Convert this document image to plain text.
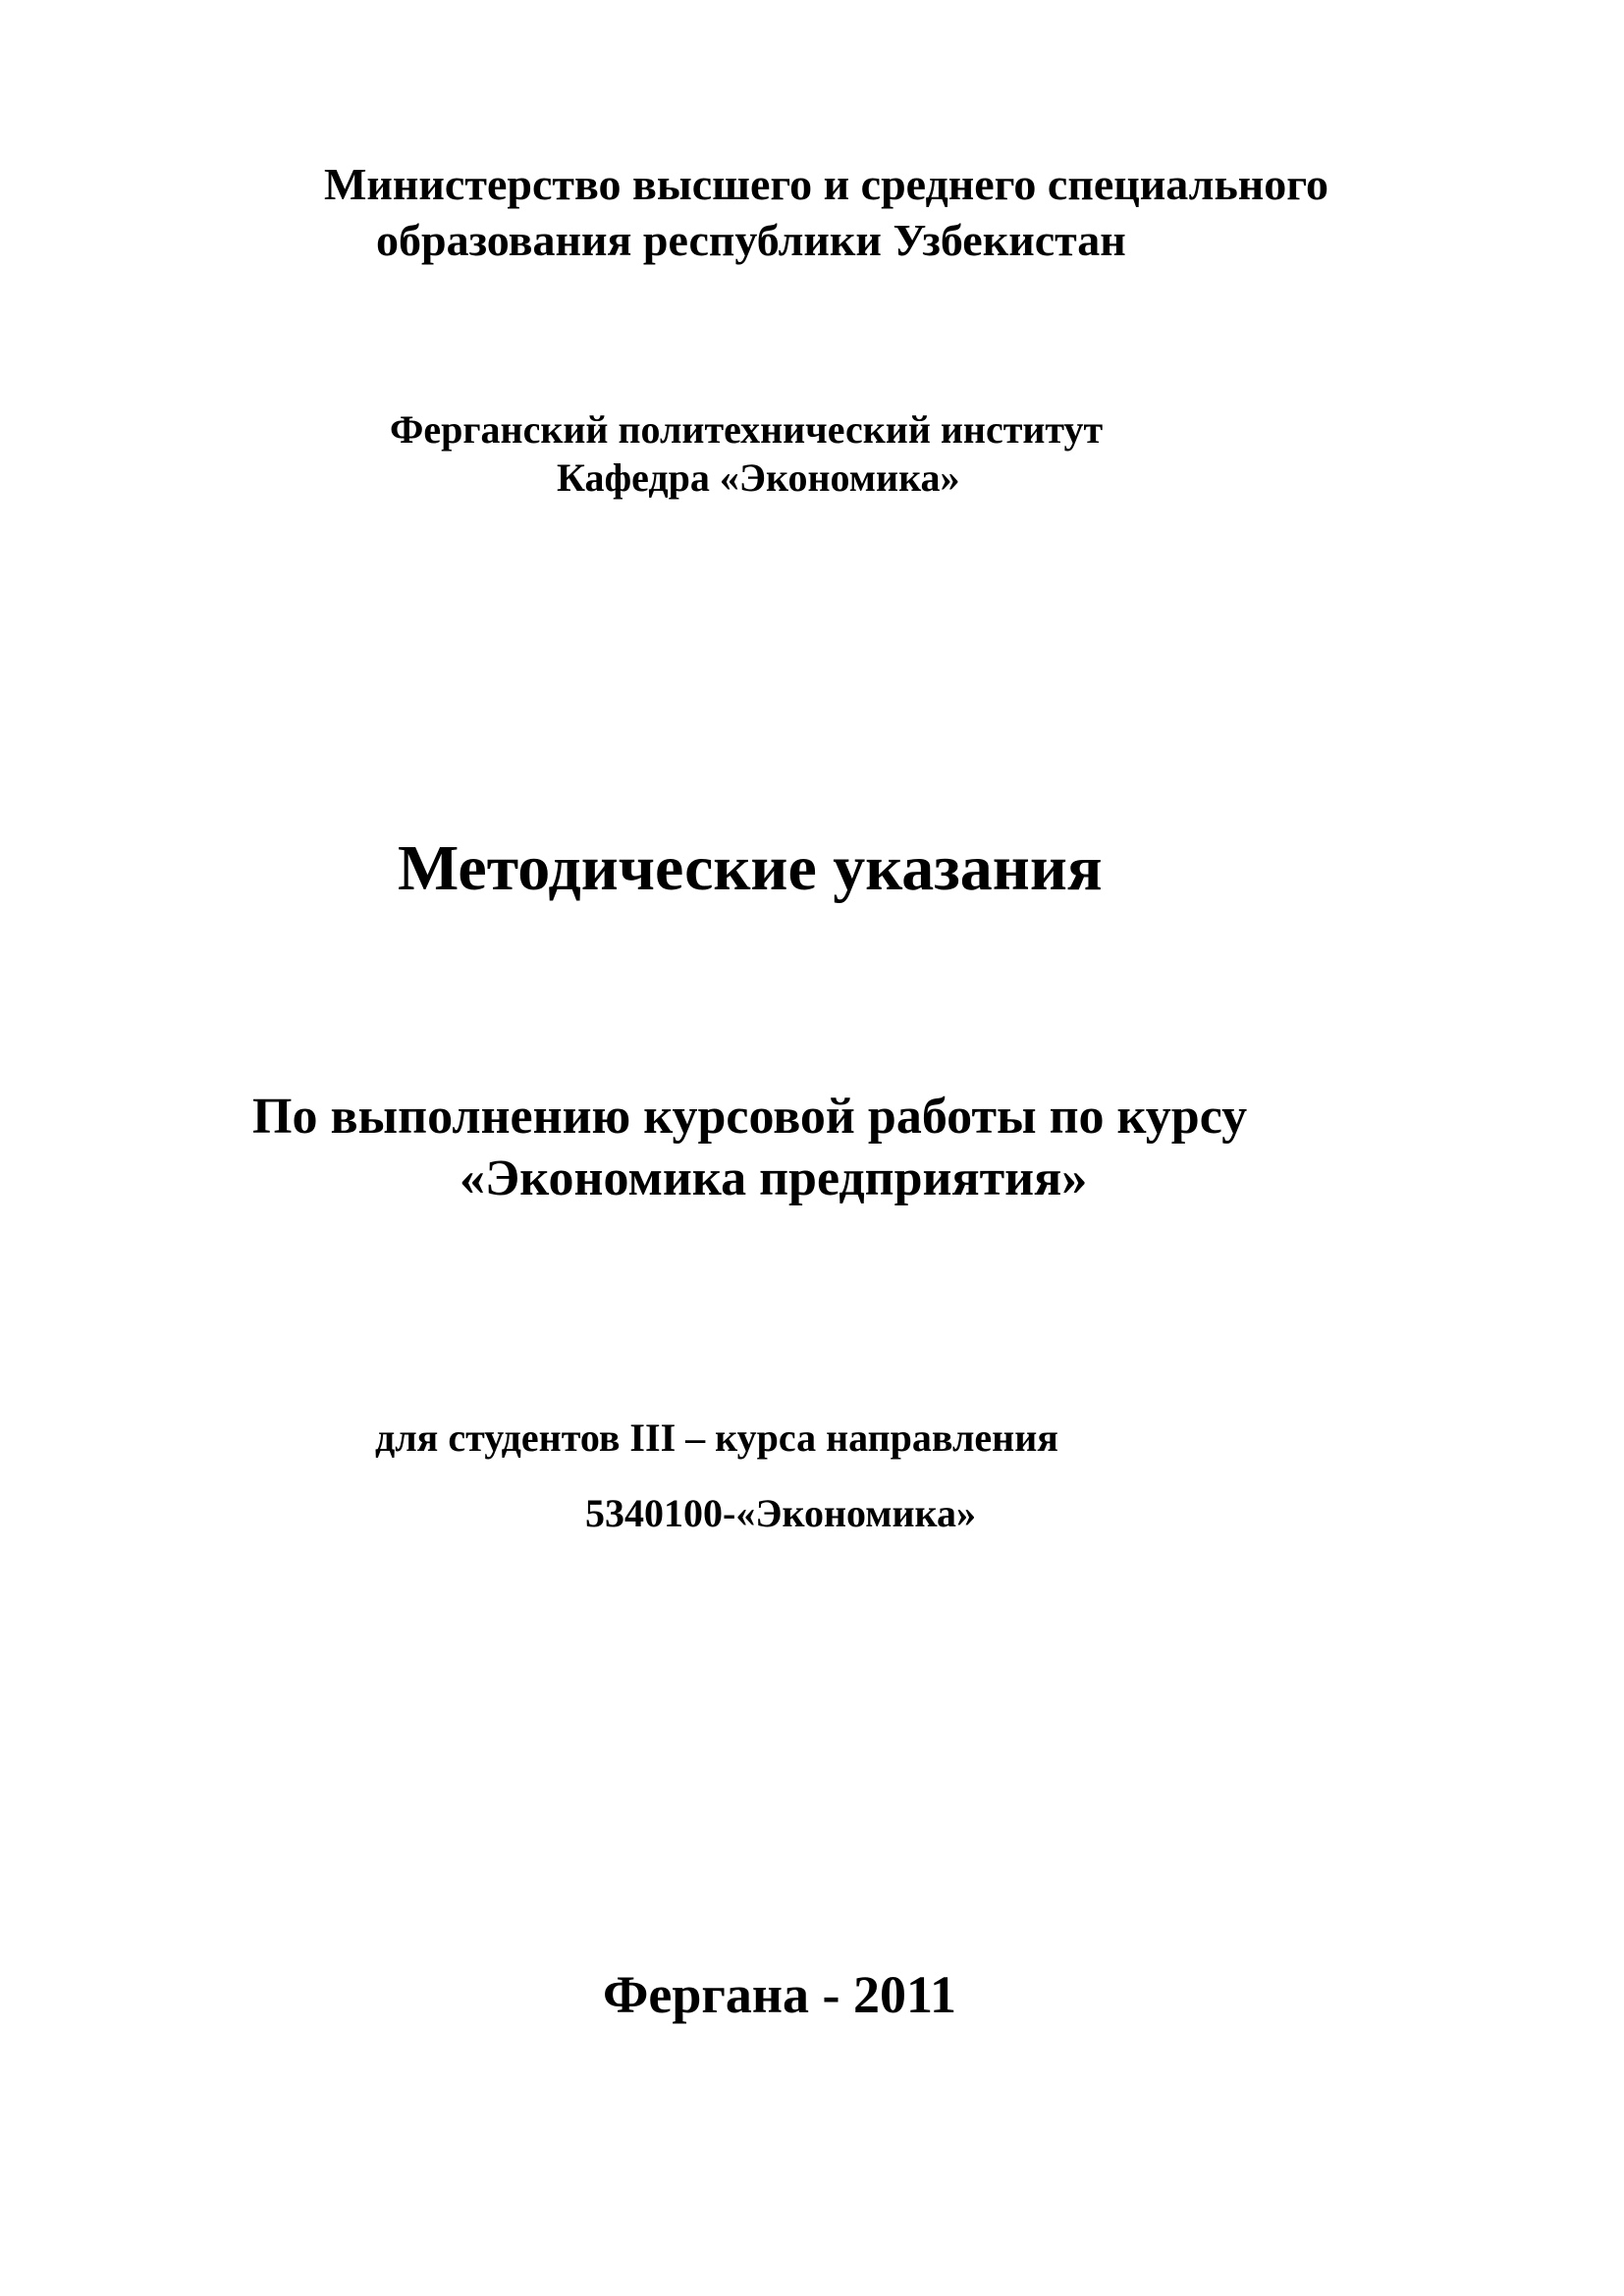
Министерство высшего и среднего специального
образования республики Узбекистан
Ферганский политехнический институт
Кафедра «Экономика»
Методические указания
По выполнению курсовой работы по курсу
«Экономика предприятия»
для студентов III – курса направления
5340100-«Экономика»
Фергана - 2011
